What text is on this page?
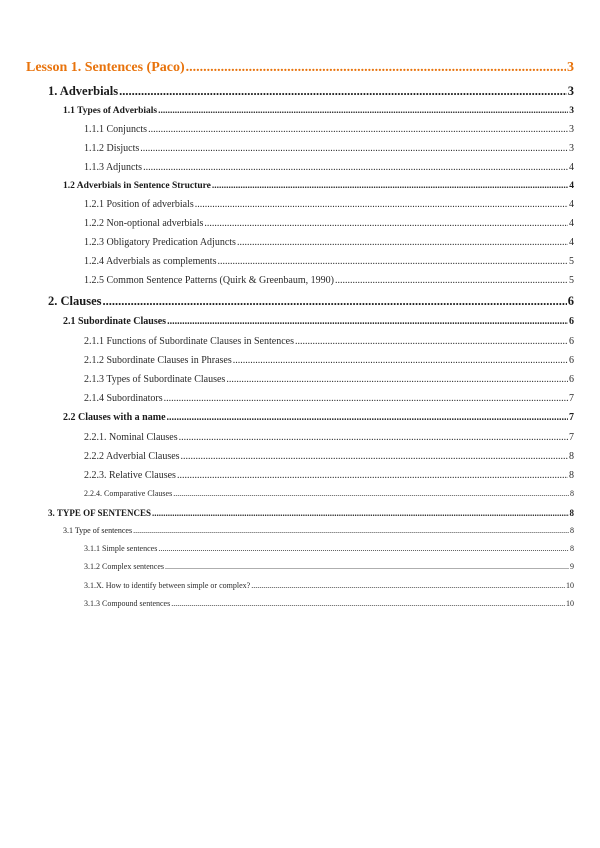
Lesson 1. Sentences (Paco) .....	3
1. Adverbials .....	3
1.1 Types of Adverbials .....	3
1.1.1 Conjuncts .....	3
1.1.2 Disjucts .....	3
1.1.3 Adjuncts .....	4
1.2 Adverbials in Sentence Structure .....	4
1.2.1 Position of adverbials .....	4
1.2.2 Non-optional adverbials .....	4
1.2.3 Obligatory Predication Adjuncts .....	4
1.2.4 Adverbials as complements .....	5
1.2.5 Common Sentence Patterns (Quirk & Greenbaum, 1990) .....	5
2. Clauses .....	6
2.1 Subordinate Clauses .....	6
2.1.1 Functions of Subordinate Clauses in Sentences .....	6
2.1.2 Subordinate Clauses in Phrases .....	6
2.1.3 Types of Subordinate Clauses .....	6
2.1.4 Subordinators .....	7
2.2 Clauses with a name .....	7
2.2.1. Nominal Clauses .....	7
2.2.2 Adverbial Clauses .....	8
2.2.3. Relative Clauses .....	8
2.2.4. Comparative Clauses .....	8
3. TYPE OF SENTENCES .....	8
3.1 Type of sentences .....	8
3.1.1 Simple sentences .....	8
3.1.2 Complex sentences .....	9
3.1.X. How to identify between simple or complex? .....	10
3.1.3 Compound sentences .....	10
